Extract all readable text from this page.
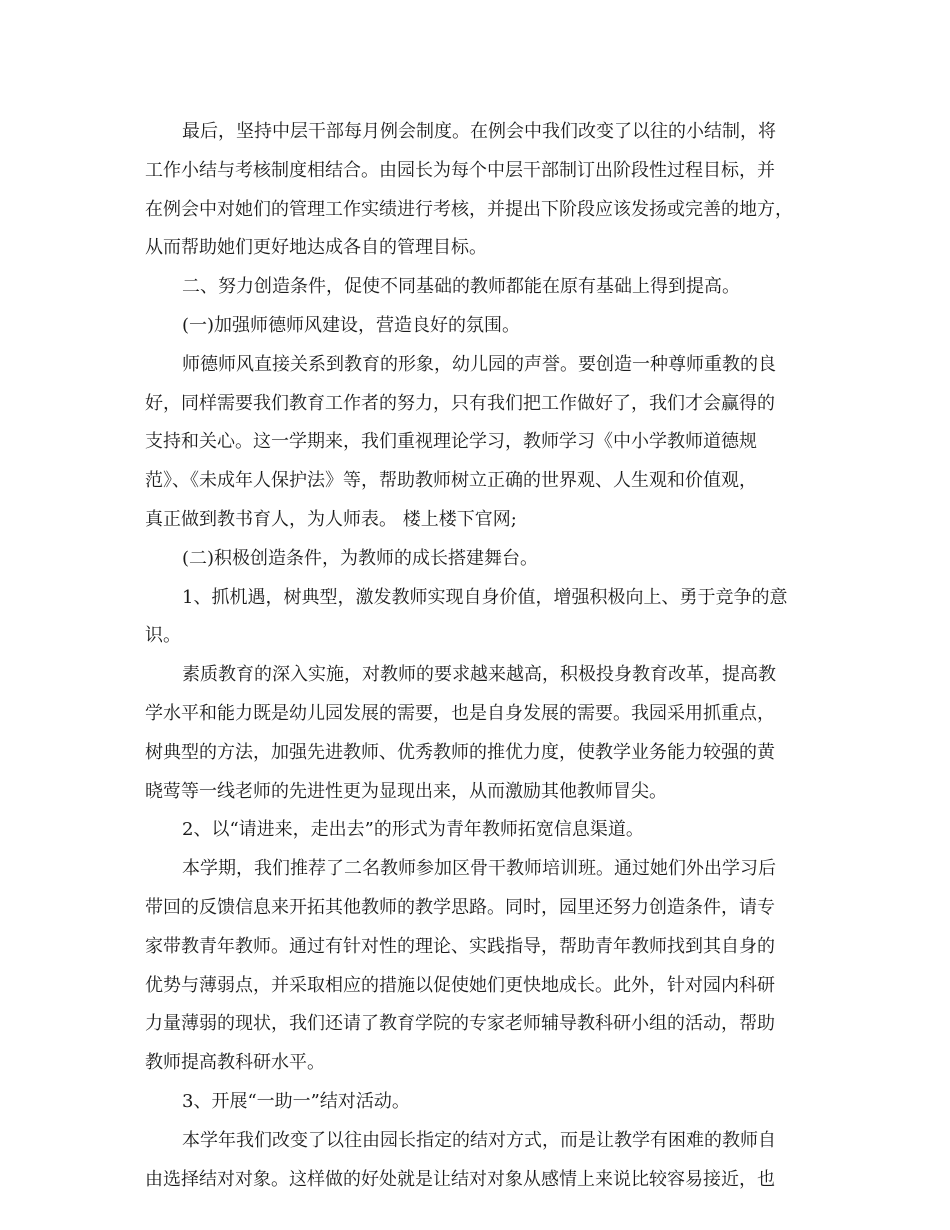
最后，坚持中层干部每月例会制度。在例会中我们改变了以往的小结制，将
工作小结与考核制度相结合。由园长为每个中层干部制订出阶段性过程目标，并
在例会中对她们的管理工作实绩进行考核，并提出下阶段应该发扬或完善的地方，
从而帮助她们更好地达成各自的管理目标。
二、努力创造条件，促使不同基础的教师都能在原有基础上得到提高。
(一)加强师德师风建设，营造良好的氛围。
师德师风直接关系到教育的形象，幼儿园的声誉。要创造一种尊师重教的良
好，同样需要我们教育工作者的努力，只有我们把工作做好了，我们才会赢得的
支持和关心。这一学期来，我们重视理论学习，教师学习《中小学教师道德规
范》、《未成年人保护法》等，帮助教师树立正确的世界观、人生观和价值观，
真正做到教书育人，为人师表。 楼上楼下官网;
(二)积极创造条件，为教师的成长搭建舞台。
1、抓机遇，树典型，激发教师实现自身价值，增强积极向上、勇于竞争的意
识。
素质教育的深入实施，对教师的要求越来越高，积极投身教育改革，提高教
学水平和能力既是幼儿园发展的需要，也是自身发展的需要。我园采用抓重点，
树典型的方法，加强先进教师、优秀教师的推优力度，使教学业务能力较强的黄
晓莺等一线老师的先进性更为显现出来，从而激励其他教师冒尖。
2、以“请进来，走出去”的形式为青年教师拓宽信息渠道。
本学期，我们推荐了二名教师参加区骨干教师培训班。通过她们外出学习后
带回的反馈信息来开拓其他教师的教学思路。同时，园里还努力创造条件，请专
家带教青年教师。通过有针对性的理论、实践指导，帮助青年教师找到其自身的
优势与薄弱点，并采取相应的措施以促使她们更快地成长。此外，针对园内科研
力量薄弱的现状，我们还请了教育学院的专家老师辅导教科研小组的活动，帮助
教师提高教科研水平。
3、开展“一助一”结对活动。
本学年我们改变了以往由园长指定的结对方式，而是让教学有困难的教师自
由选择结对对象。这样做的好处就是让结对对象从感情上来说比较容易接近，也
